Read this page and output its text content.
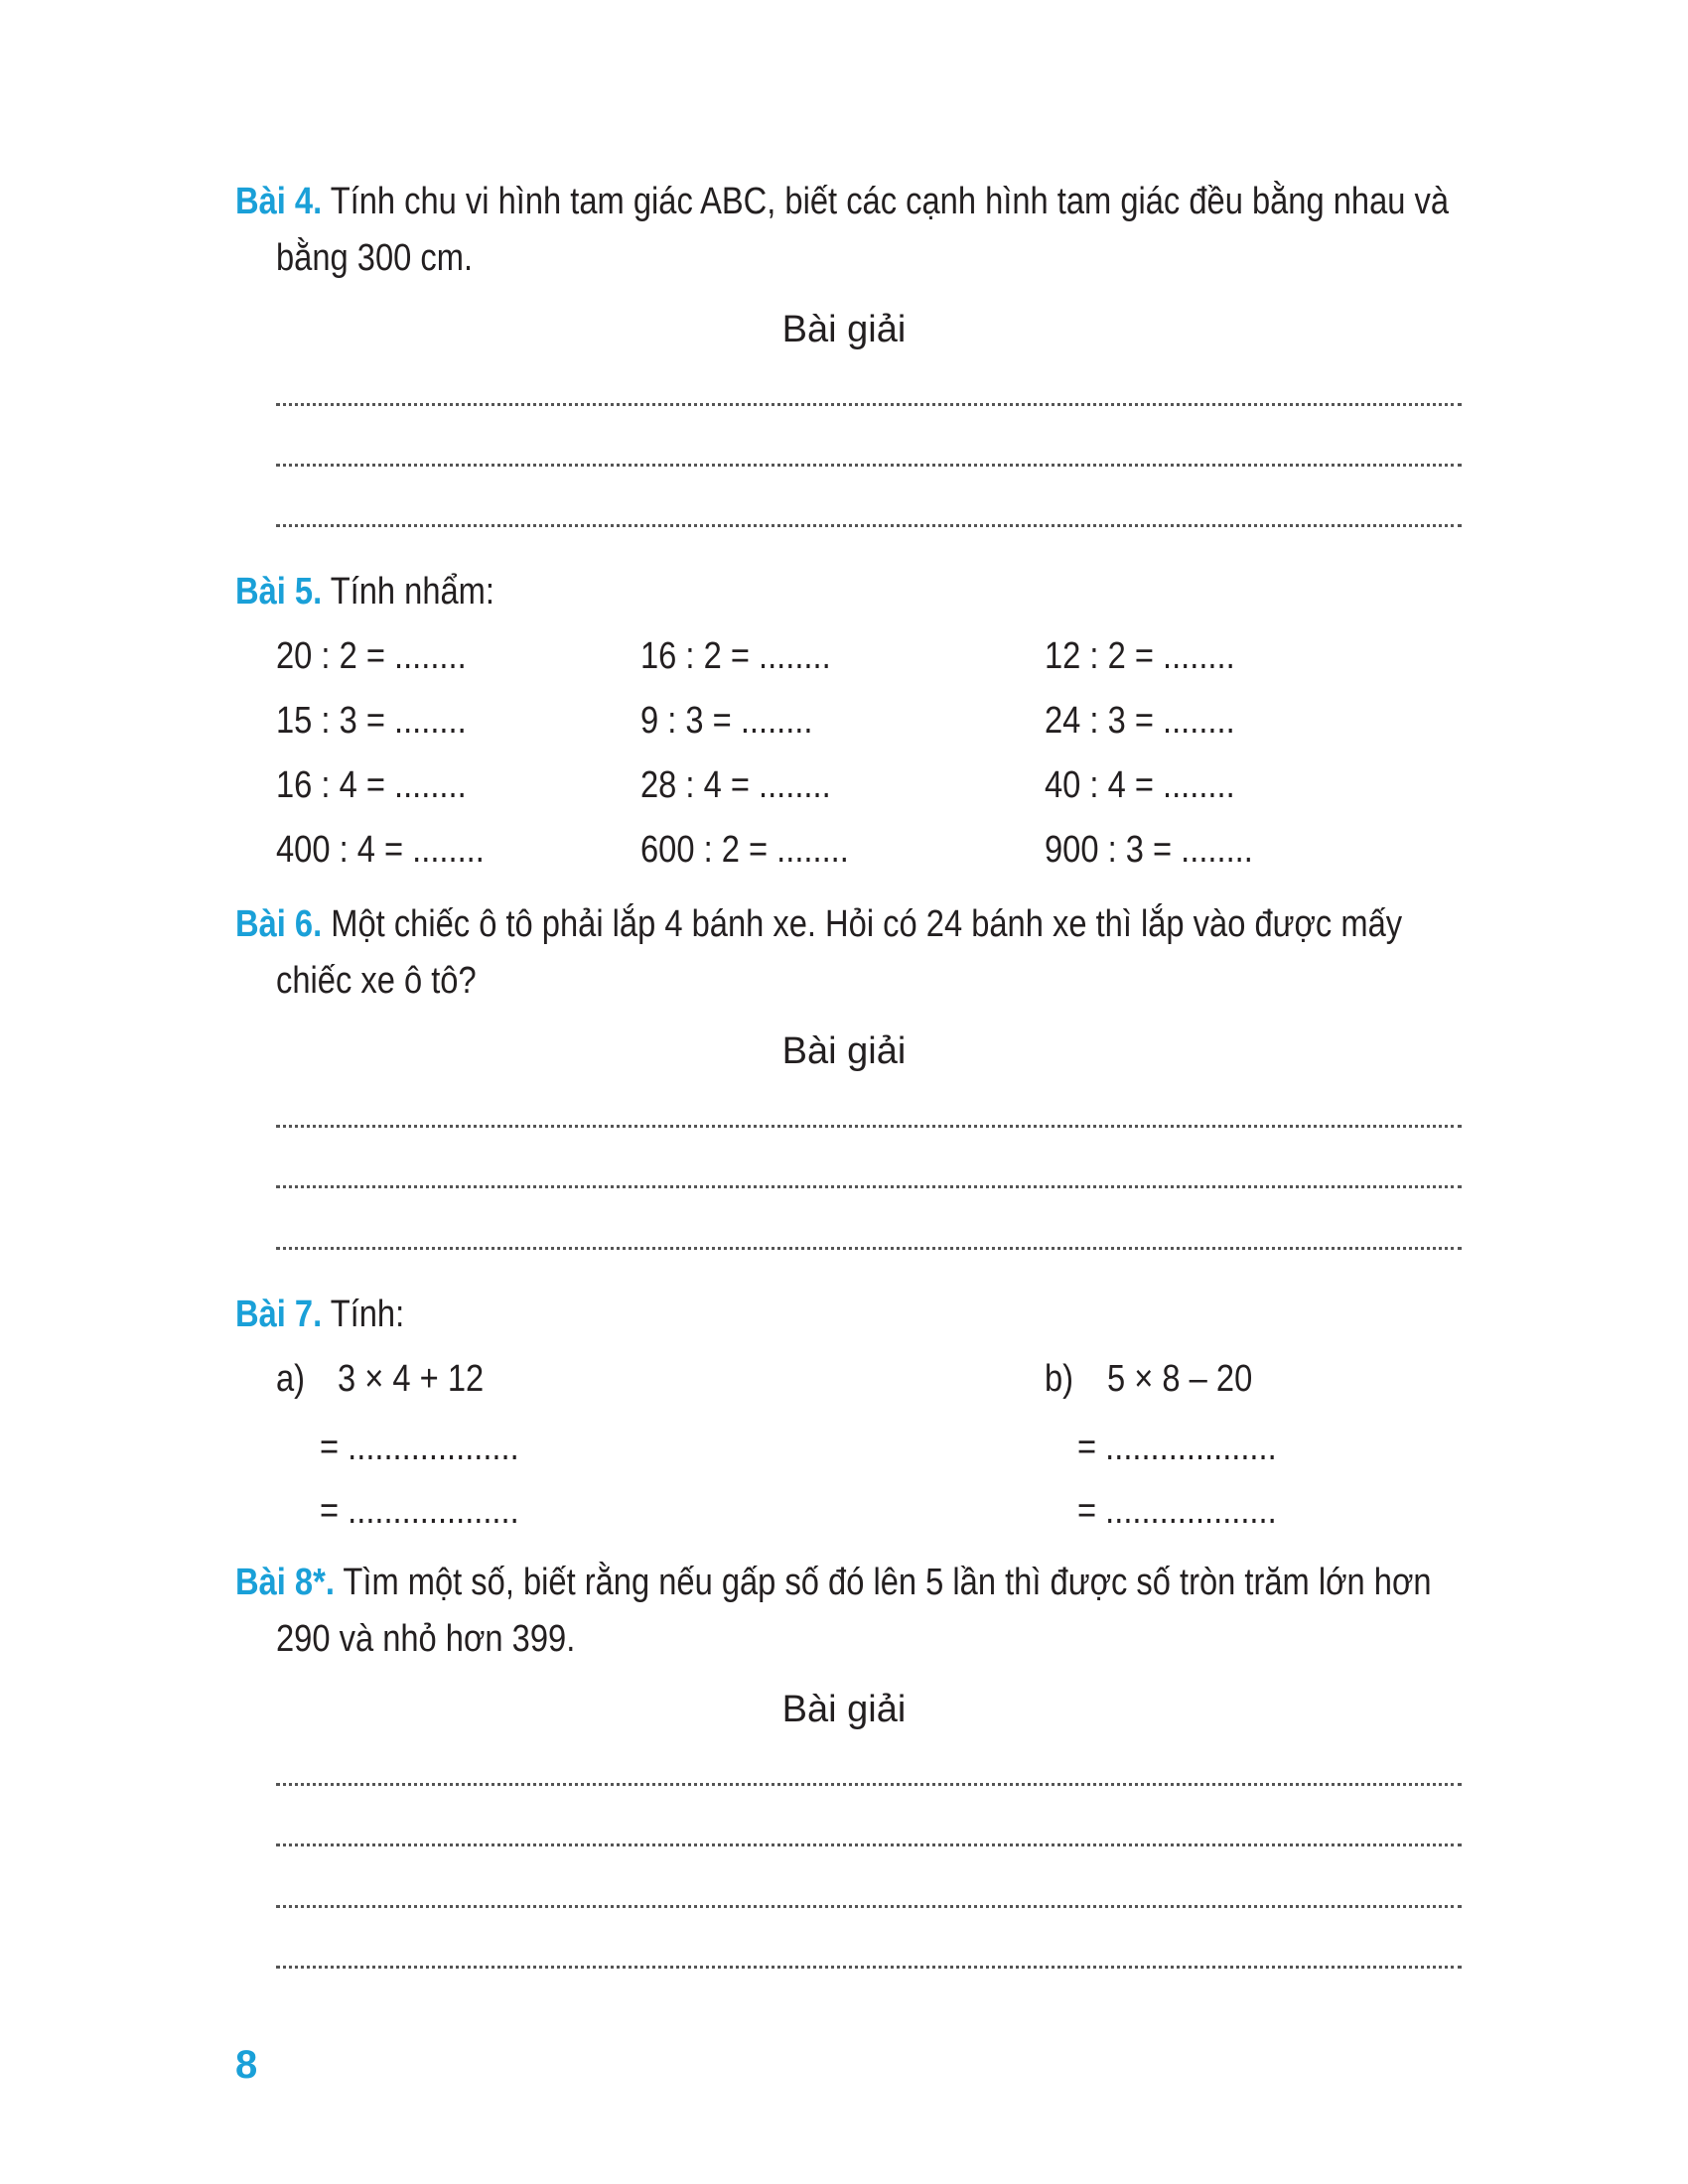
Bài 4. Tính chu vi hình tam giác ABC, biết các cạnh hình tam giác đều bằng nhau và
bằng 300 cm.
Bài giải
Bài 5. Tính nhẩm:
20 : 2 = ........	16 : 2 = ........	12 : 2 = ........
15 : 3 = ........	9 : 3 = ........	24 : 3 = ........
16 : 4 = ........	28 : 4 = ........	40 : 4 = ........
400 : 4 = ........	600 : 2 = ........	900 : 3 = ........
Bài 6. Một chiếc ô tô phải lắp 4 bánh xe. Hỏi có 24 bánh xe thì lắp vào được mấy
chiếc xe ô tô?
Bài giải
Bài 7. Tính:
a) 3 × 4 + 12	b) 5 × 8 – 20
= ...................	= ...................
= ...................	= ...................
Bài 8*. Tìm một số, biết rằng nếu gấp số đó lên 5 lần thì được số tròn trăm lớn hơn
290 và nhỏ hơn 399.
Bài giải
8
